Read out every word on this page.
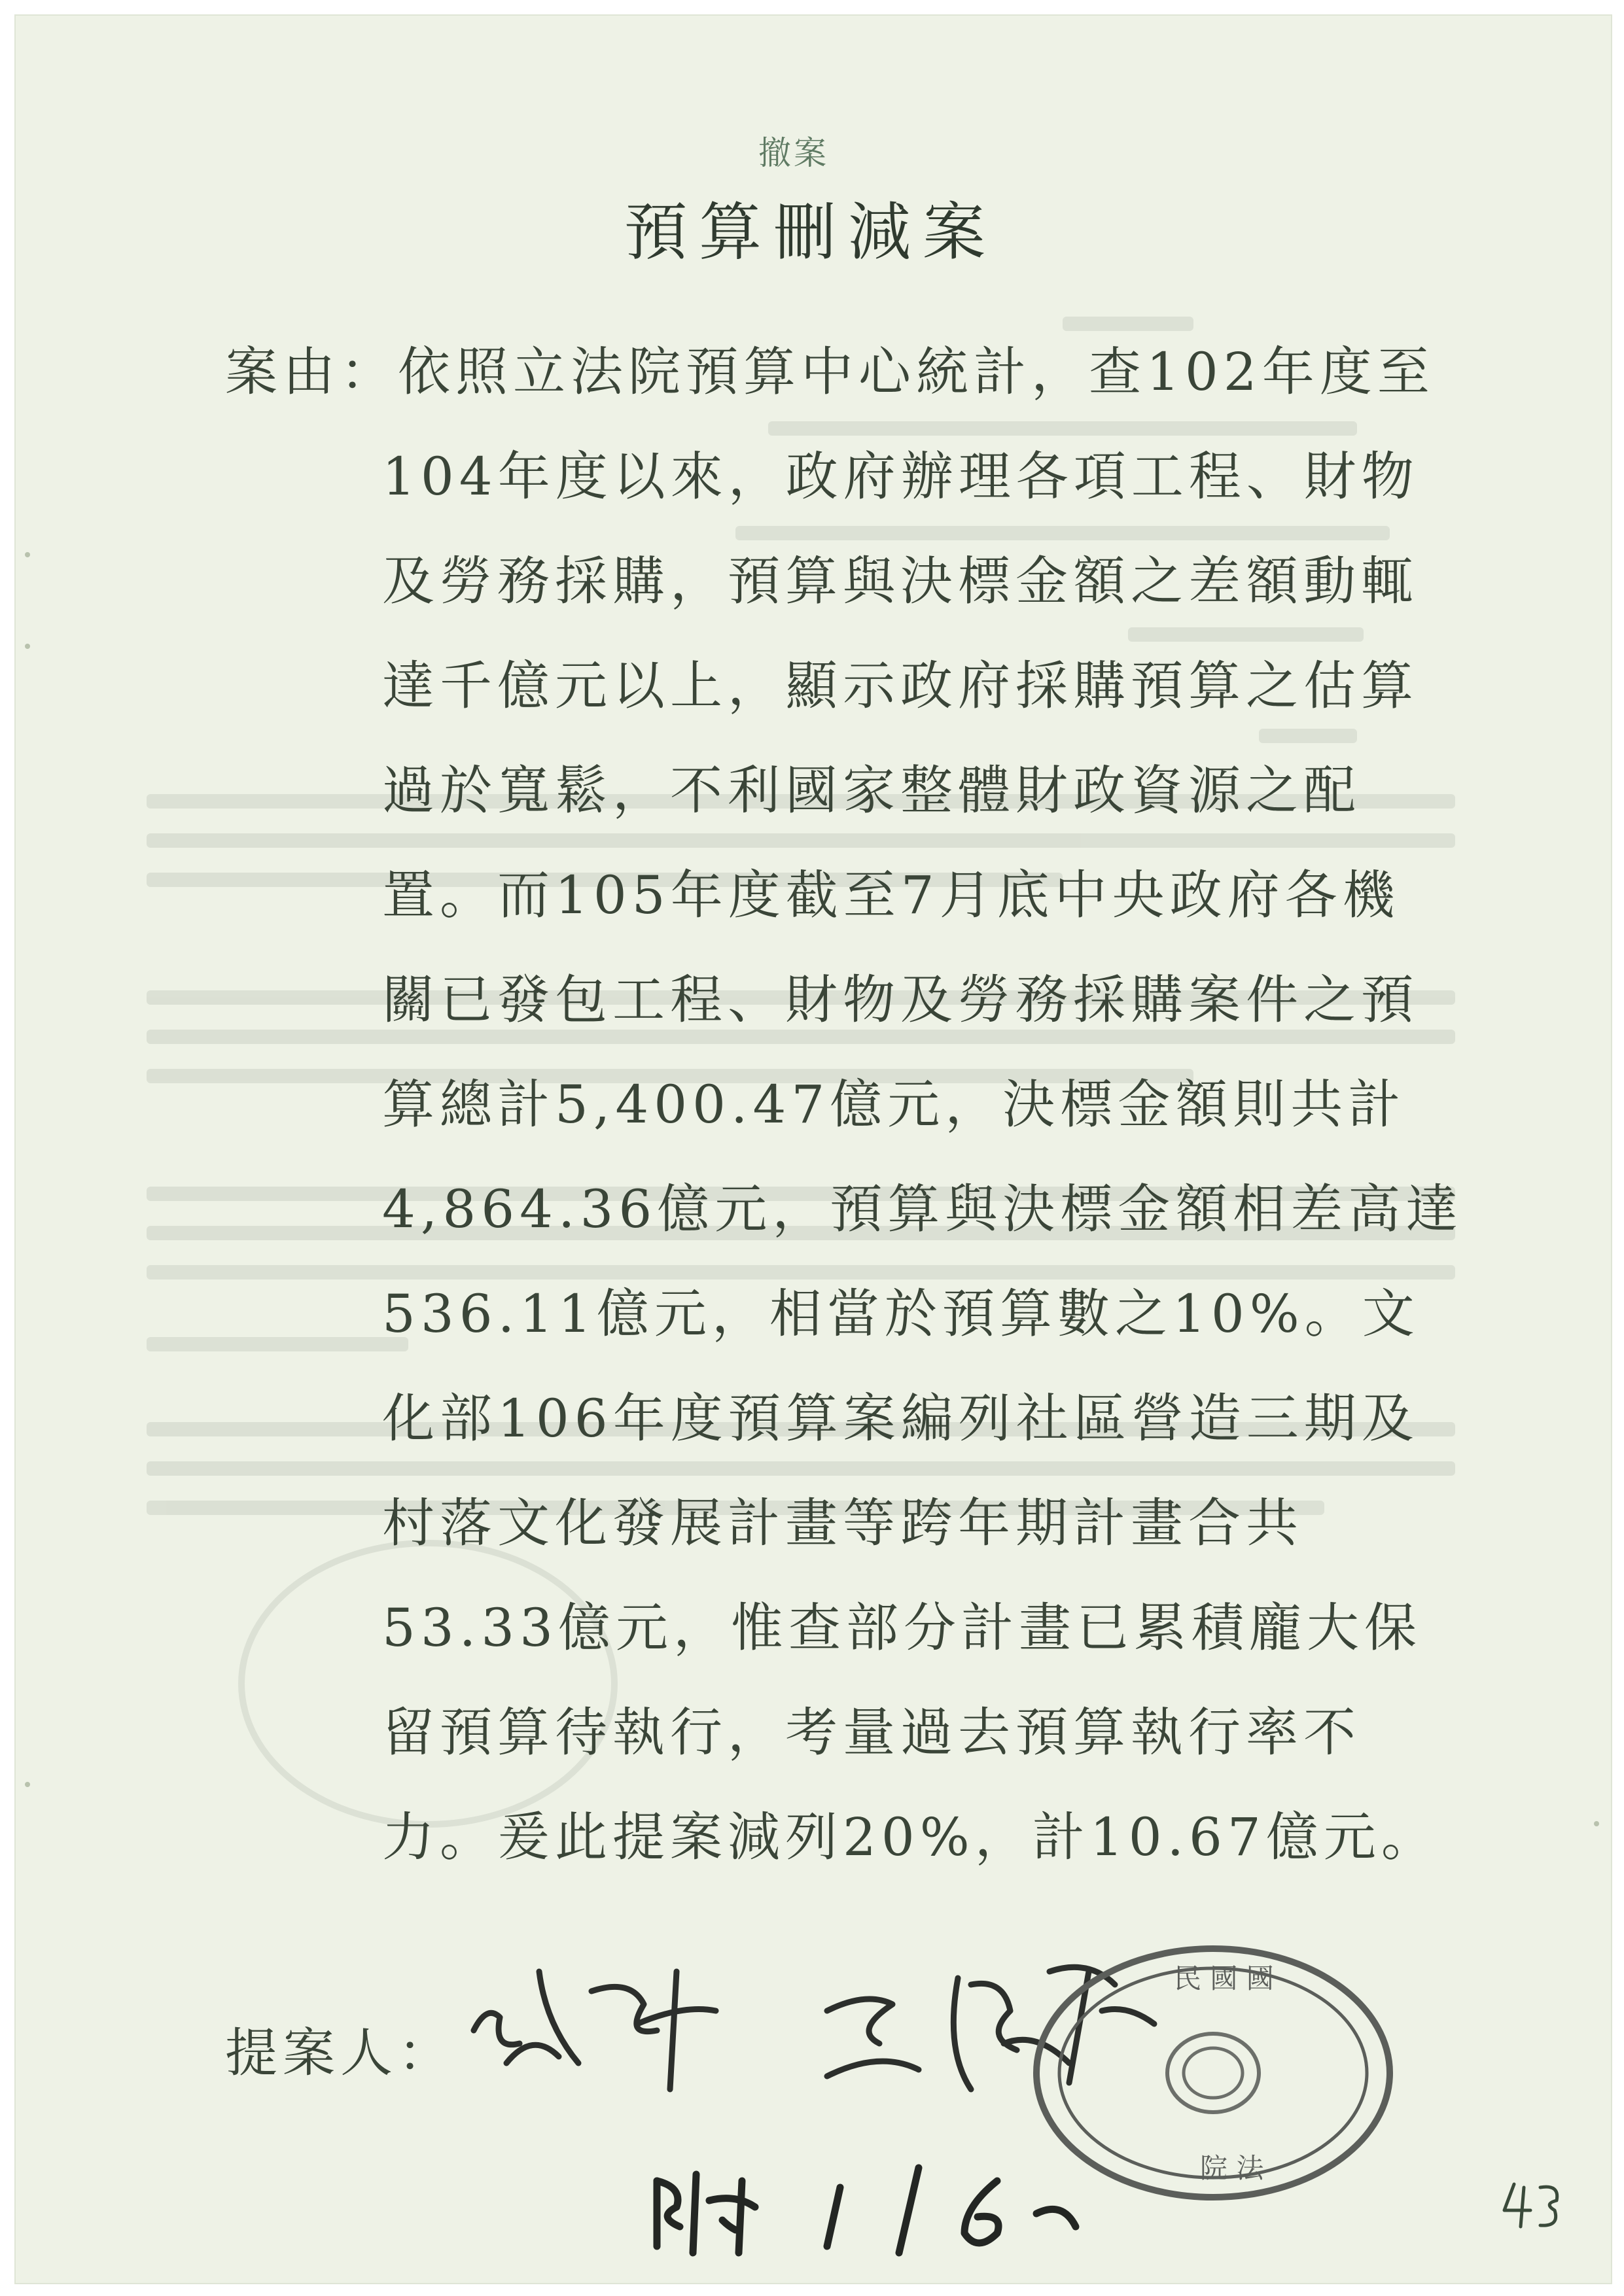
撤案
預算刪減案
案由：依照立法院預算中心統計，查102年度至
104年度以來，政府辦理各項工程、財物
及勞務採購，預算與決標金額之差額動輒
達千億元以上，顯示政府採購預算之估算
過於寬鬆，不利國家整體財政資源之配
置。而105年度截至7月底中央政府各機
關已發包工程、財物及勞務採購案件之預
算總計5,400.47億元，決標金額則共計
4,864.36億元，預算與決標金額相差高達
536.11億元，相當於預算數之10%。文
化部106年度預算案編列社區營造三期及
村落文化發展計畫等跨年期計畫合共
53.33億元，惟查部分計畫已累積龐大保
留預算待執行，考量過去預算執行率不
力。爰此提案減列20%，計10.67億元。
提案人：
民 國 國
院 法
